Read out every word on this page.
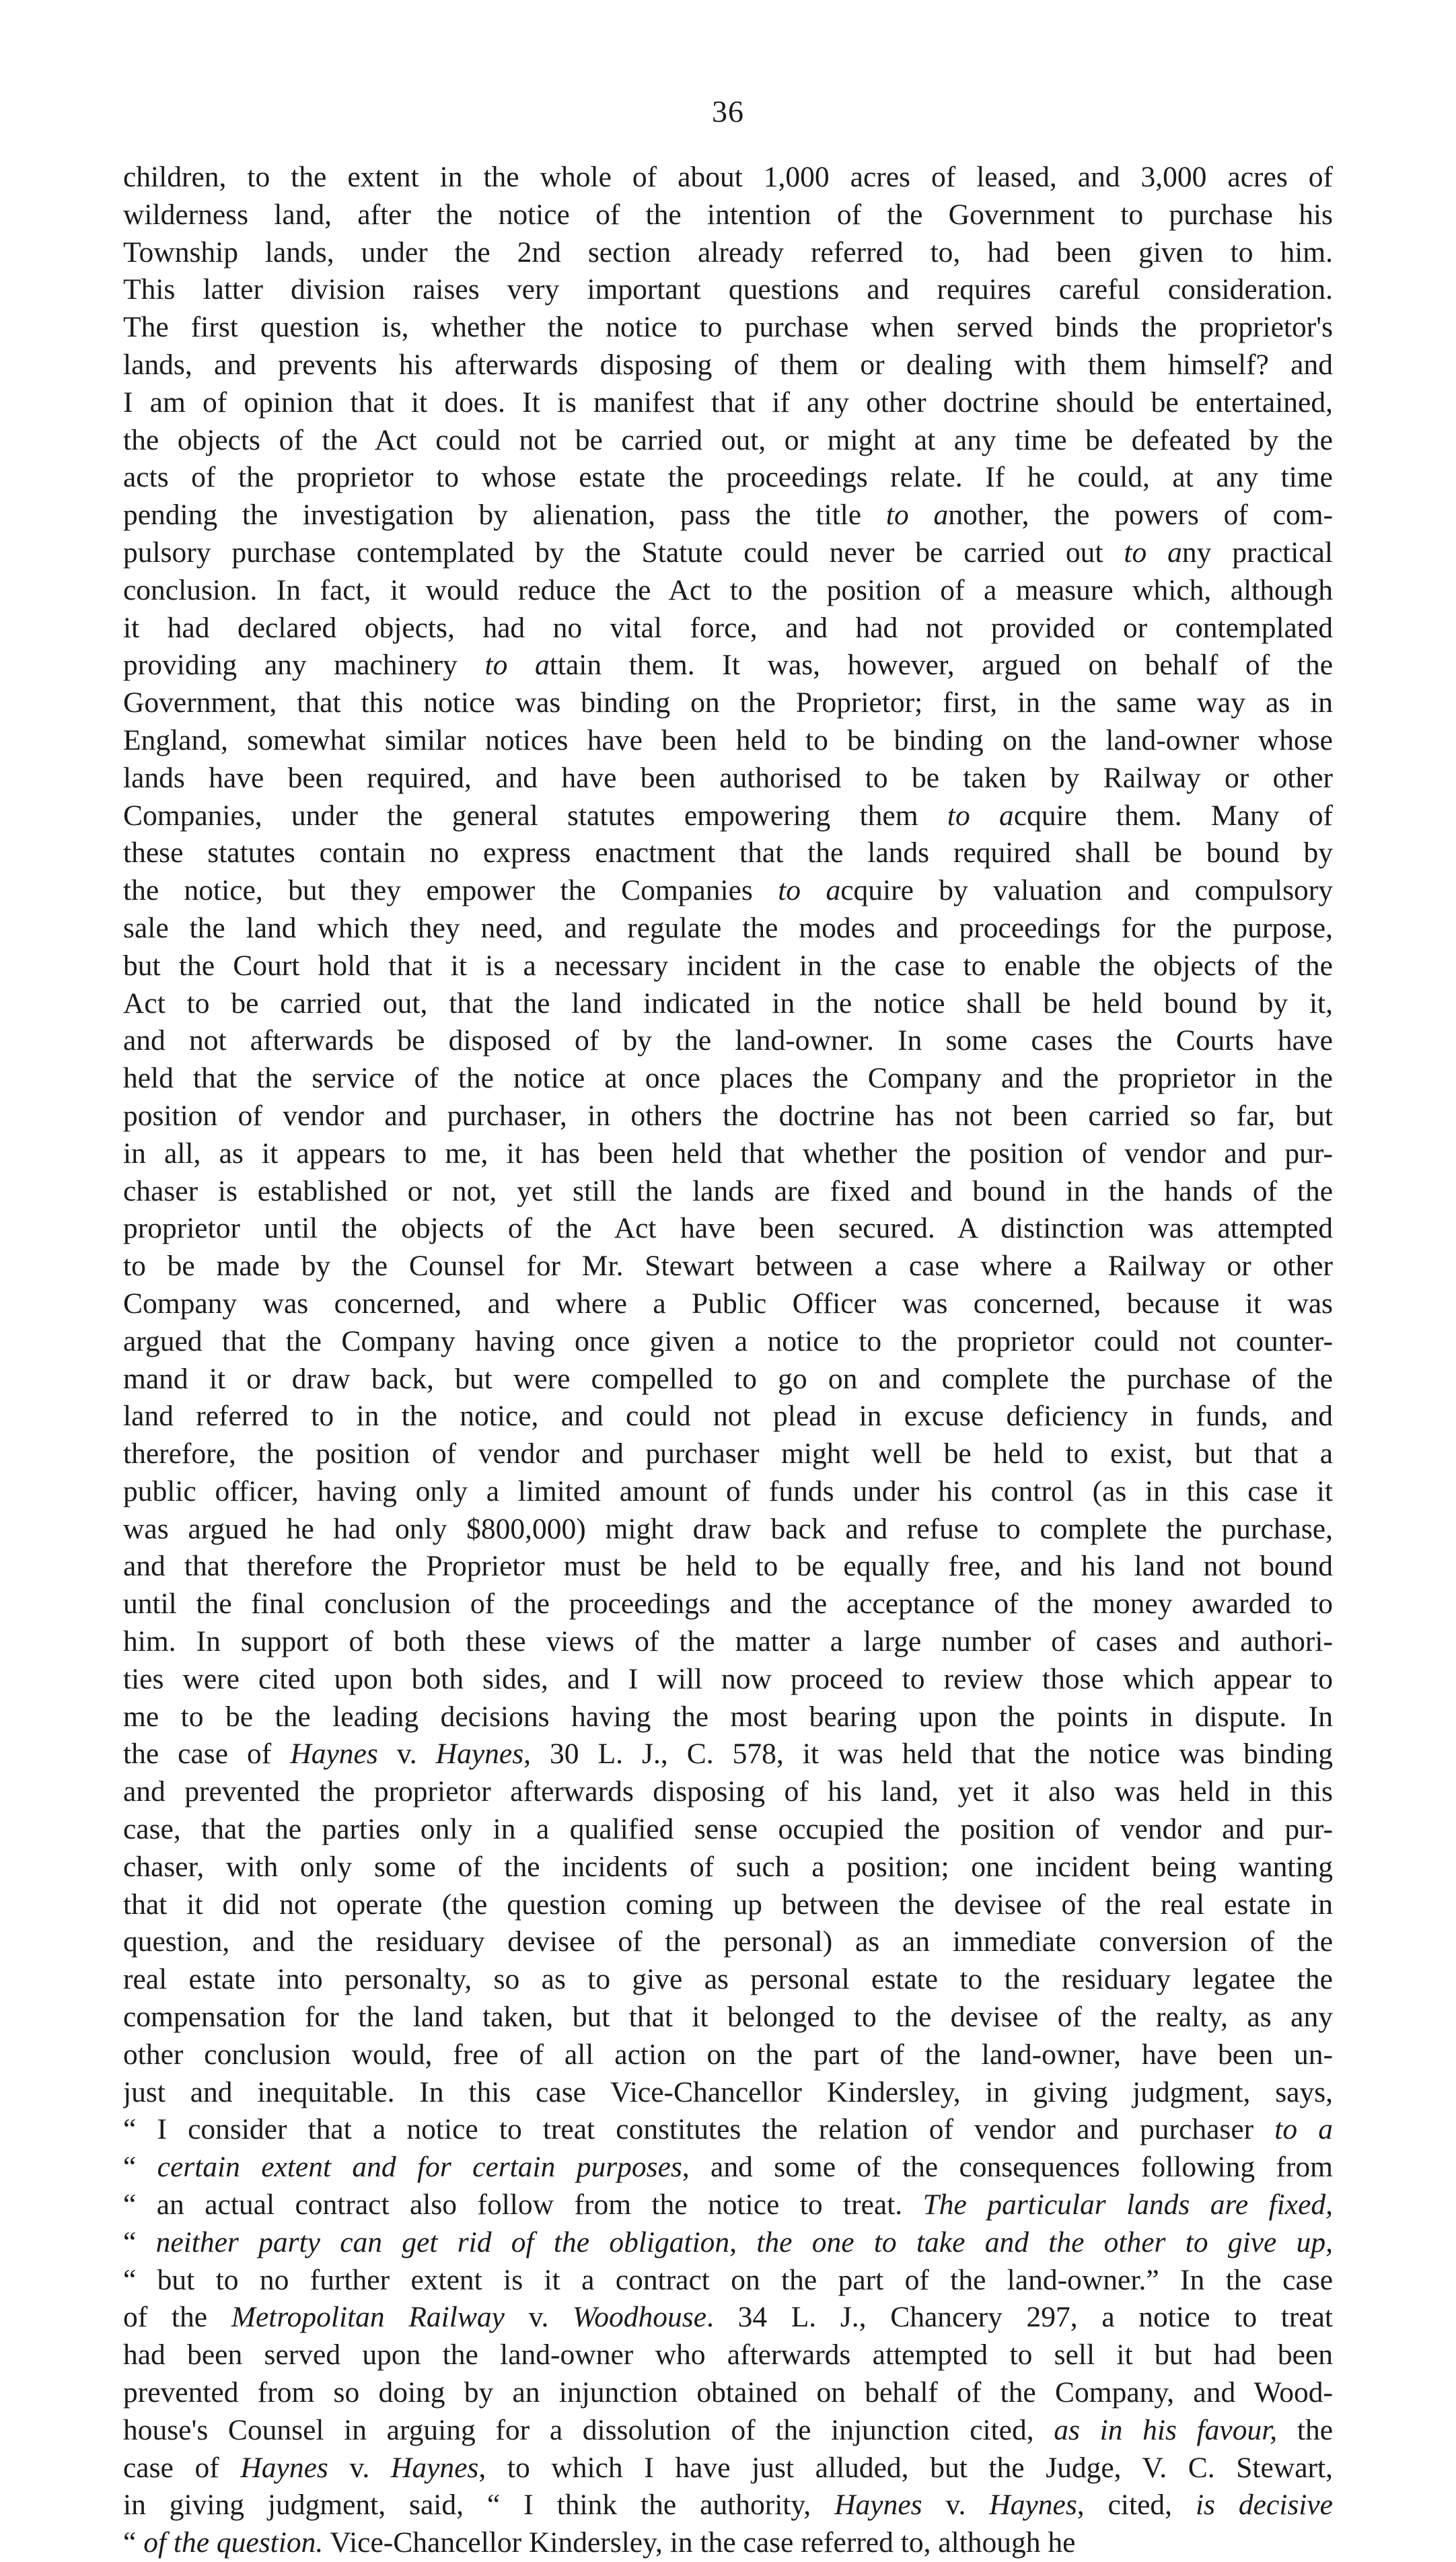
36
children, to the extent in the whole of about 1,000 acres of leased, and 3,000 acres of
wilderness land, after the notice of the intention of the Government to purchase his
Township lands, under the 2nd section already referred to, had been given to him.
This latter division raises very important questions and requires careful consideration.
The first question is, whether the notice to purchase when served binds the proprietor's
lands, and prevents his afterwards disposing of them or dealing with them himself? and
I am of opinion that it does. It is manifest that if any other doctrine should be entertained,
the objects of the Act could not be carried out, or might at any time be defeated by the
acts of the proprietor to whose estate the proceedings relate. If he could, at any time
pending the investigation by alienation, pass the title to another, the powers of com-
pulsory purchase contemplated by the Statute could never be carried out to any practical
conclusion. In fact, it would reduce the Act to the position of a measure which, although
it had declared objects, had no vital force, and had not provided or contemplated
providing any machinery to attain them. It was, however, argued on behalf of the
Government, that this notice was binding on the Proprietor; first, in the same way as in
England, somewhat similar notices have been held to be binding on the land-owner whose
lands have been required, and have been authorised to be taken by Railway or other
Companies, under the general statutes empowering them to acquire them. Many of
these statutes contain no express enactment that the lands required shall be bound by
the notice, but they empower the Companies to acquire by valuation and compulsory
sale the land which they need, and regulate the modes and proceedings for the purpose,
but the Court hold that it is a necessary incident in the case to enable the objects of the
Act to be carried out, that the land indicated in the notice shall be held bound by it,
and not afterwards be disposed of by the land-owner. In some cases the Courts have
held that the service of the notice at once places the Company and the proprietor in the
position of vendor and purchaser, in others the doctrine has not been carried so far, but
in all, as it appears to me, it has been held that whether the position of vendor and pur-
chaser is established or not, yet still the lands are fixed and bound in the hands of the
proprietor until the objects of the Act have been secured. A distinction was attempted
to be made by the Counsel for Mr. Stewart between a case where a Railway or other
Company was concerned, and where a Public Officer was concerned, because it was
argued that the Company having once given a notice to the proprietor could not counter-
mand it or draw back, but were compelled to go on and complete the purchase of the
land referred to in the notice, and could not plead in excuse deficiency in funds, and
therefore, the position of vendor and purchaser might well be held to exist, but that a
public officer, having only a limited amount of funds under his control (as in this case it
was argued he had only $800,000) might draw back and refuse to complete the purchase,
and that therefore the Proprietor must be held to be equally free, and his land not bound
until the final conclusion of the proceedings and the acceptance of the money awarded to
him. In support of both these views of the matter a large number of cases and authori-
ties were cited upon both sides, and I will now proceed to review those which appear to
me to be the leading decisions having the most bearing upon the points in dispute. In
the case of Haynes v. Haynes, 30 L. J., C. 578, it was held that the notice was binding
and prevented the proprietor afterwards disposing of his land, yet it also was held in this
case, that the parties only in a qualified sense occupied the position of vendor and pur-
chaser, with only some of the incidents of such a position; one incident being wanting
that it did not operate (the question coming up between the devisee of the real estate in
question, and the residuary devisee of the personal) as an immediate conversion of the
real estate into personalty, so as to give as personal estate to the residuary legatee the
compensation for the land taken, but that it belonged to the devisee of the realty, as any
other conclusion would, free of all action on the part of the land-owner, have been un-
just and inequitable. In this case Vice-Chancellor Kindersley, in giving judgment, says,
“ I consider that a notice to treat constitutes the relation of vendor and purchaser to a
“ certain extent and for certain purposes, and some of the consequences following from
“ an actual contract also follow from the notice to treat. The particular lands are fixed,
“ neither party can get rid of the obligation, the one to take and the other to give up,
“ but to no further extent is it a contract on the part of the land-owner.” In the case
of the Metropolitan Railway v. Woodhouse. 34 L. J., Chancery 297, a notice to treat
had been served upon the land-owner who afterwards attempted to sell it but had been
prevented from so doing by an injunction obtained on behalf of the Company, and Wood-
house's Counsel in arguing for a dissolution of the injunction cited, as in his favour, the
case of Haynes v. Haynes, to which I have just alluded, but the Judge, V. C. Stewart,
in giving judgment, said, “ I think the authority, Haynes v. Haynes, cited, is decisive
“ of the question. Vice-Chancellor Kindersley, in the case referred to, although he
